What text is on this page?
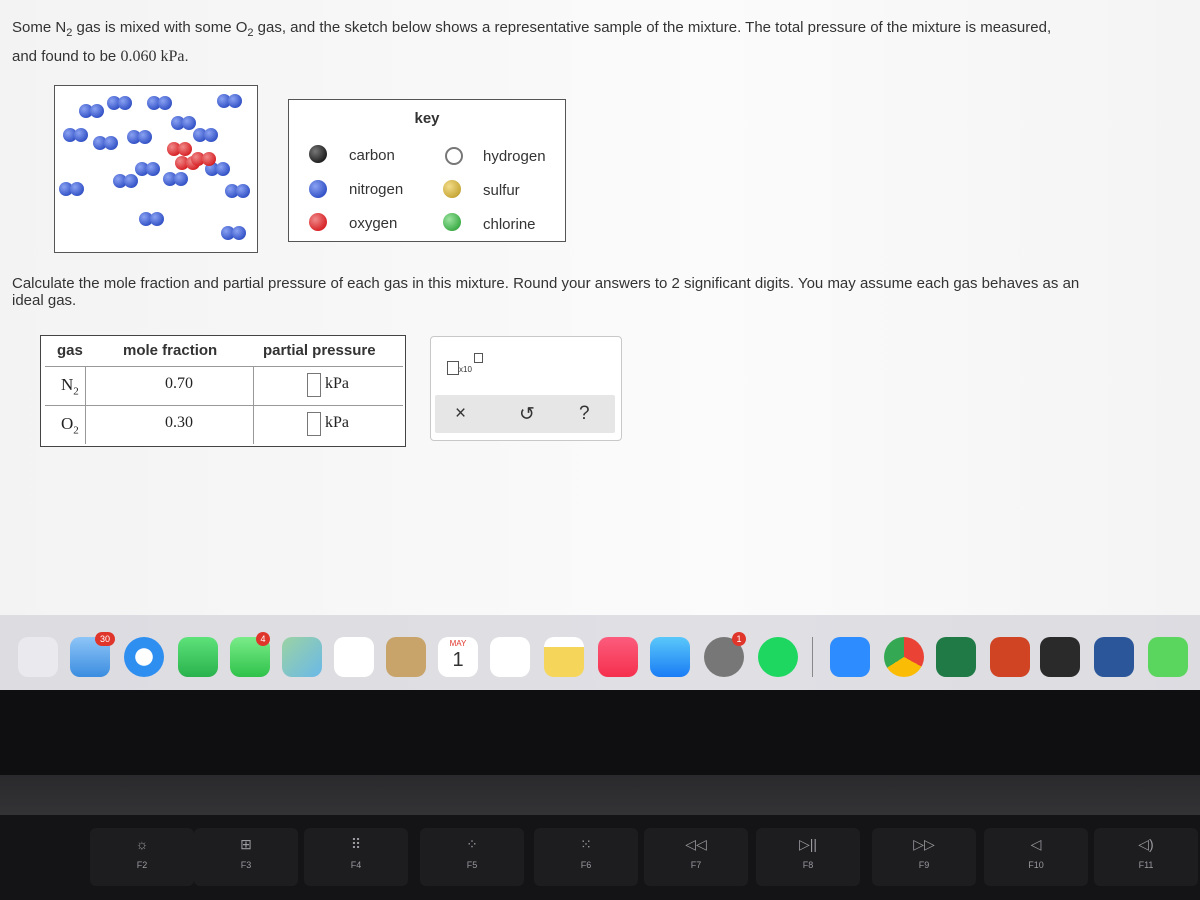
Some $N_2$ gas is mixed with some $O_2$ gas, and the sketch below shows a representative sample of the mixture. The total pressure of the mixture is measured,
and found to be 0.060 kPa.
key
carbon	hydrogen
nitrogen	sulfur
oxygen	chlorine
Calculate the mole fraction and partial pressure of each gas in this mixture. Round your answers to 2 significant digits. You may assume each gas behaves as an
ideal gas.
gas	mole fraction	partial pressure
$N_2$	0.70	kPa
$O_2$	0.30	kPa
x10
×	↺ ?
30	4	MAY
1
1
☼
F2
⊞
F3
⠿
F4
⁘
F5
⁙
F6
◁◁
F7
▷||
F8
▷▷
F9
◁
F10
◁)
F11
